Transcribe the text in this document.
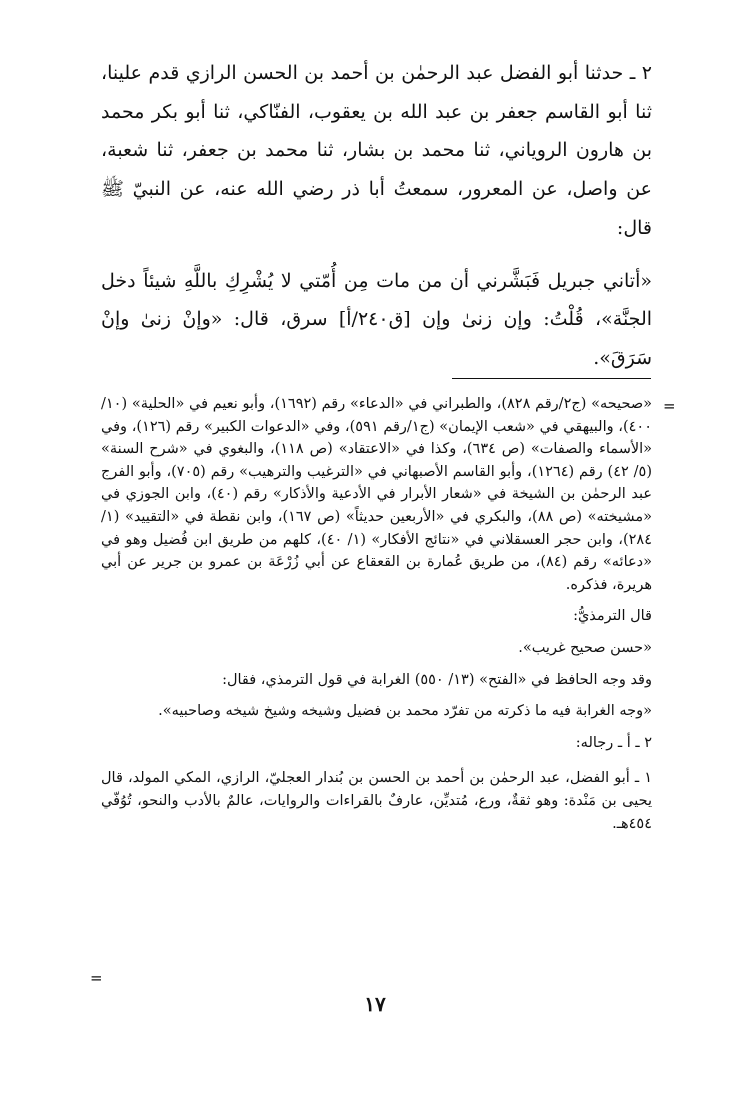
٢ ـ حدثنا أبو الفضل عبد الرحمٰن بن أحمد بن الحسن الرازي قدم علينا، ثنا أبو القاسم جعفر بن عبد الله بن يعقوب، الفنّاكي، ثنا أبو بكر محمد بن هارون الروياني، ثنا محمد بن بشار، ثنا محمد بن جعفر، ثنا شعبة، عن واصل، عن المعرور، سمعتُ أبا ذر رضي الله عنه، عن النبيّ ﷺ قال:

«أتاني جبريل فَبَشَّرني أن من مات مِن أُمّتي لا يُشْرِكِ باللَّهِ شيئاً دخل الجنَّة»، قُلْتُ: وإن زنىٰ وإن [ق٢٤٠/أ] سرق، قال: «وإنْ زنىٰ وإنْ سَرَقَ».

«صحيحه» (ج٢/رقم ٨٢٨)، والطبراني في «الدعاء» رقم (١٦٩٢)، وأبو نعيم في «الحلية» (١٠/ ٤٠٠)، والبيهقي في «شعب الإيمان» (ج١/رقم ٥٩١)، وفي «الدعوات الكبير» رقم (١٢٦)، وفي «الأسماء والصفات» (ص ٦٣٤)، وكذا في «الاعتقاد» (ص ١١٨)، والبغوي في «شرح السنة» (٥/ ٤٢) رقم (١٢٦٤)، وأبو القاسم الأصبهاني في «الترغيب والترهيب» رقم (٧٠٥)، وأبو الفرج عبد الرحمٰن بن الشيخة في «شعار الأبرار في الأدعية والأذكار» رقم (٤٠)، وابن الجوزي في «مشيخته» (ص ٨٨)، والبكري في «الأربعين حديثاً» (ص ١٦٧)، وابن نقطة في «التقييد» (١/ ٢٨٤)، وابن حجر العسقلاني في «نتائج الأفكار» (١/ ٤٠)، كلهم من طريق ابن فُضيل وهو في «دعائه» رقم (٨٤)، من طريق عُمارة بن القعقاع عن أبي زُرْعَة بن عمرو بن جرير عن أبي هريرة، فذكره.

قال الترمذيُّ:

«حسن صحيح غريب».

وقد وجه الحافظ في «الفتح» (١٣/ ٥٥٠) الغرابة في قول الترمذي، فقال:

«وجه الغرابة فيه ما ذكرته من تفرّد محمد بن فضيل وشيخه وشيخ شيخه وصاحبيه».

٢ ـ أ ـ رجاله:

١ ـ أبو الفضل، عبد الرحمٰن بن أحمد بن الحسن بن بُندار العجليّ، الرازي، المكي المولد، قال يحيى بن مَنْدة: وهو ثقةٌ، ورع، مُتديِّن، عارفٌ بالقراءات والروايات، عالمٌ بالأدب والنحو، تُوُفّي ٤٥٤هـ.

=
=
١٧
